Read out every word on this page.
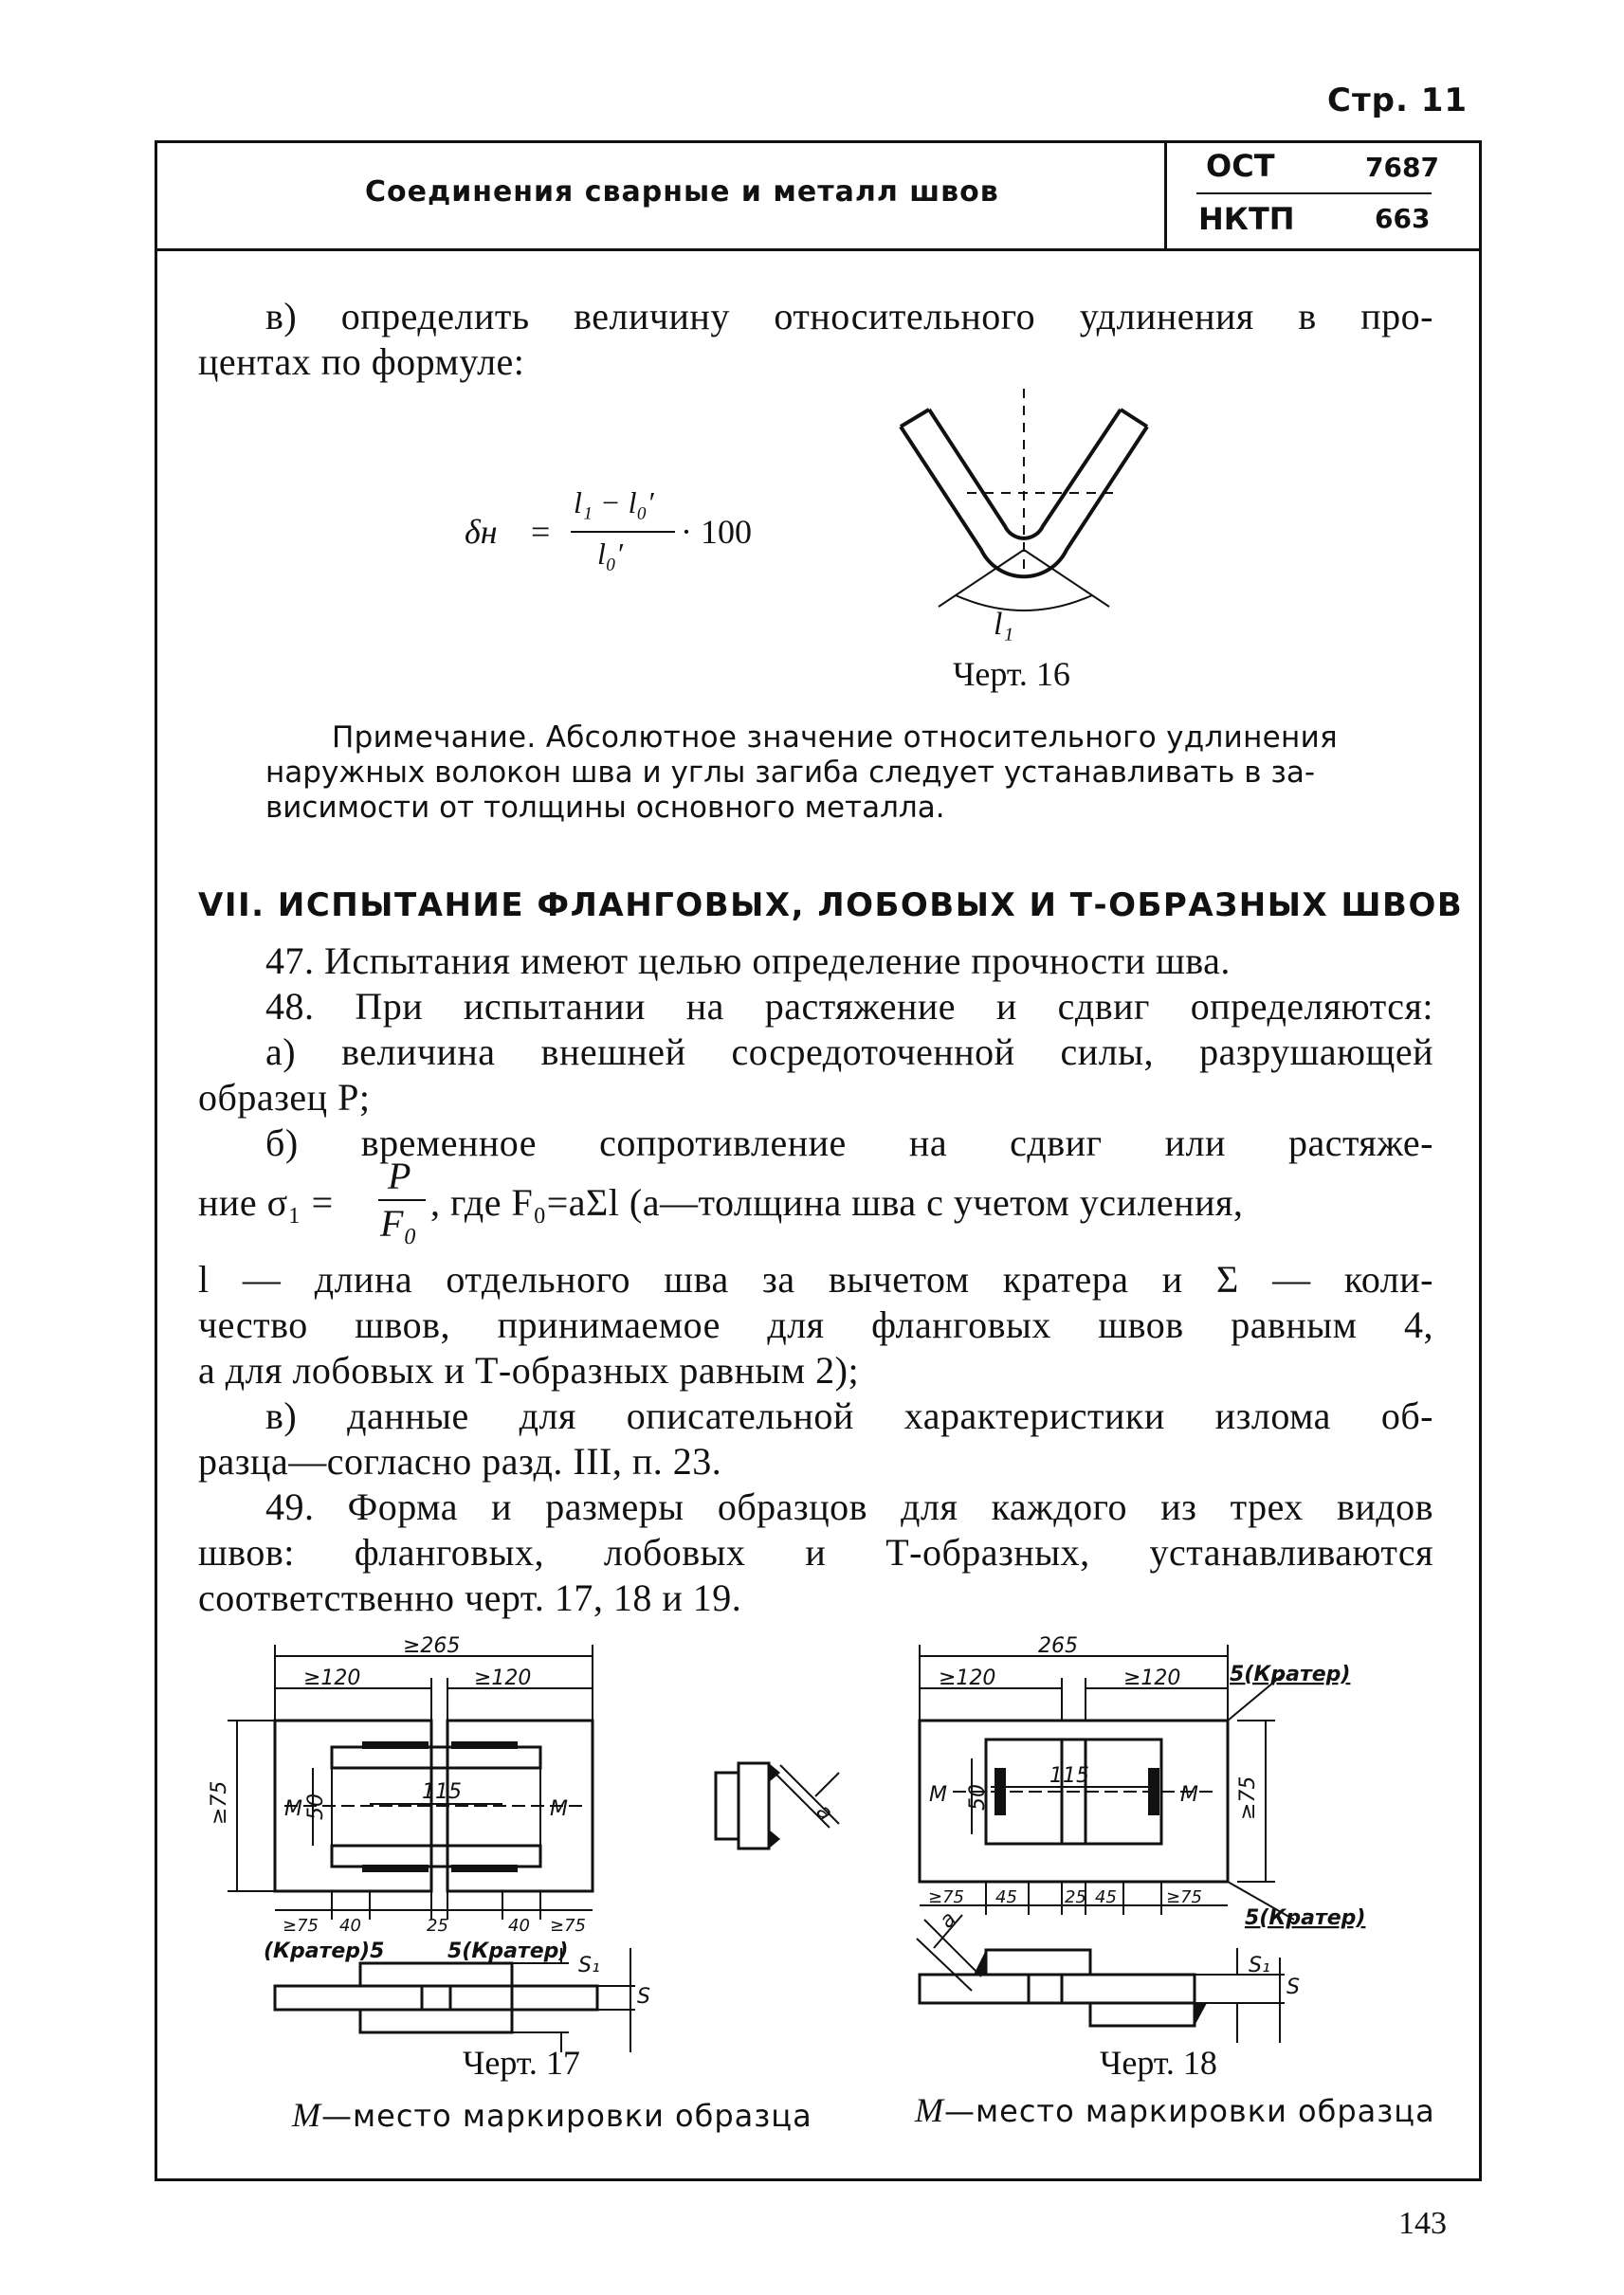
Стр. 11
Соединения сварные и металл швов
ОСТ	7687
НКТП	663
в) определить величину относительного удлинения в про-
центах по формуле:
δн =
l₁ − l₀′
l₀′
· 100
l₁
Черт. 16
Примечание. Абсолютное значение относительного удлинения
наружных волокон шва и углы загиба следует устанавливать в за-
висимости от толщины основного металла.
VII. ИСПЫТАНИЕ ФЛАНГОВЫХ, ЛОБОВЫХ И Т-ОБРАЗНЫХ ШВОВ
47. Испытания имеют целью определение прочности шва.
48. При испытании на растяжение и сдвиг определяются:
а) величина внешней сосредоточенной силы, разрушающей
образец P;
б) временное сопротивление на сдвиг или растяже-
ние σ₁ =
P
F₀ , где F₀=aΣl (a—толщина шва с учетом усиления,
l — длина отдельного шва за вычетом кратера и Σ — коли-
чество швов, принимаемое для фланговых швов равным 4,
а для лобовых и Т-образных равным 2);
в) данные для описательной характеристики излома об-
разца—согласно разд. III, п. 23.
49. Форма и размеры образцов для каждого из трех видов
швов: фланговых, лобовых и Т-образных, устанавливаются
соответственно черт. 17, 18 и 19.
≥265
≥120	≥120
115
M	M
≥75	50
≥75 40	25	40 ≥75
(Кратер)5	5(Кратер)
S₁
S
a
265
≥120	≥120
115
M	M
50	≥75
5(Кратер)
5(Кратер)
≥75 45	25 45	≥75
a
S₁
S
Черт. 17
М—место маркировки образца
Черт. 18
М—место маркировки образца
143
